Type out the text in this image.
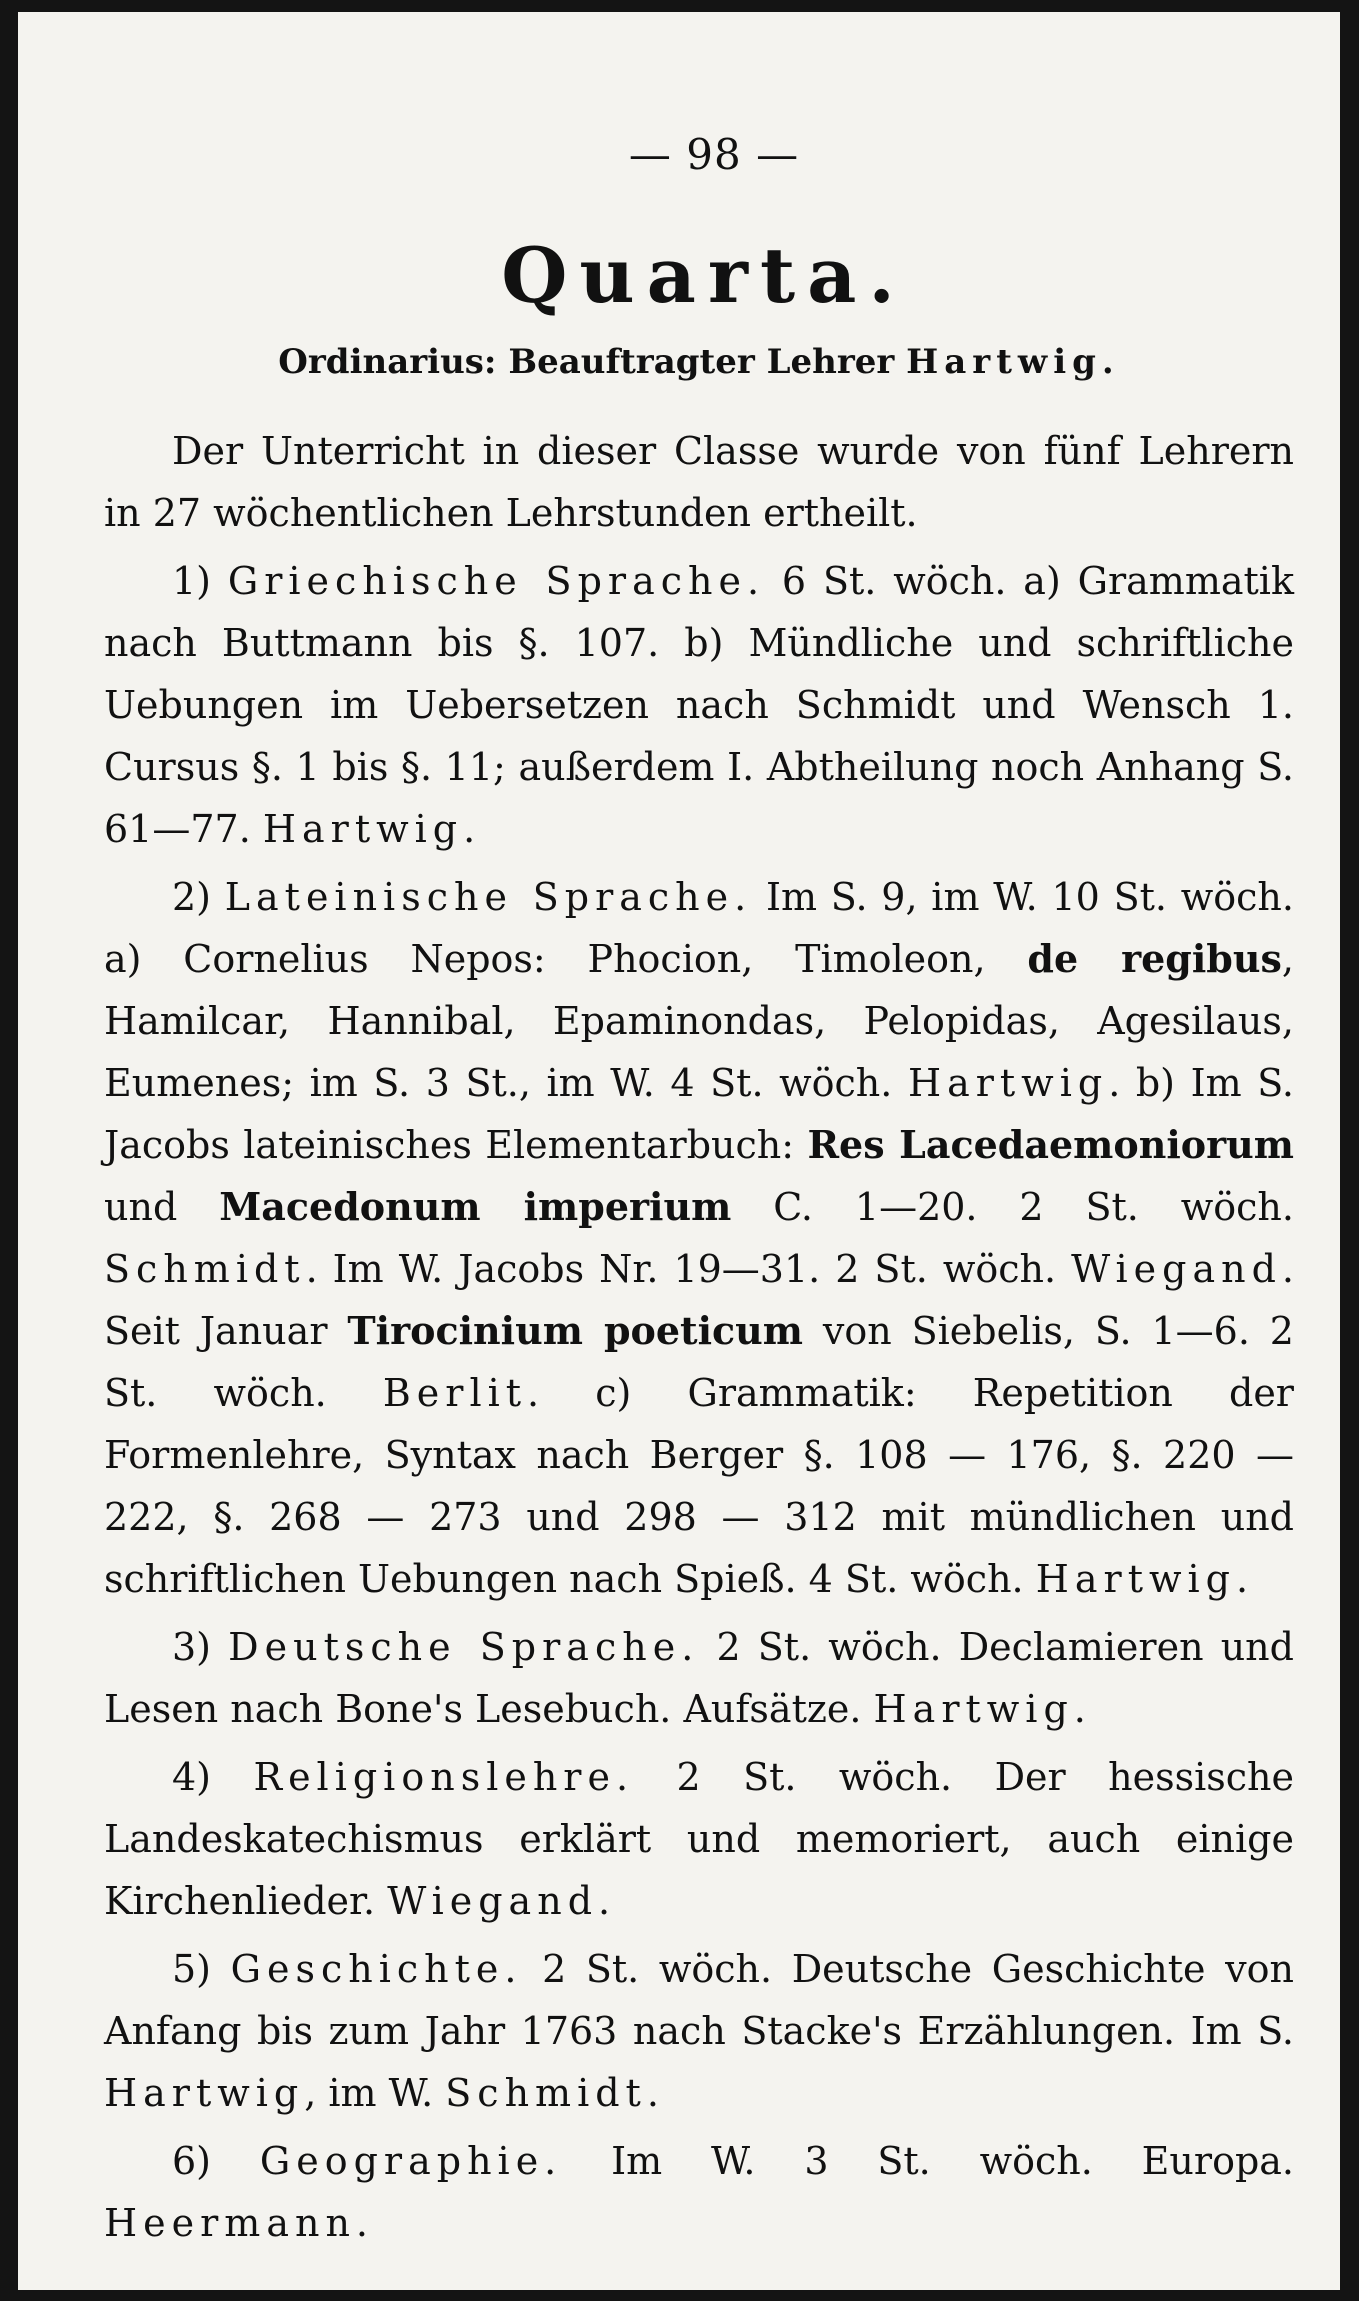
— 98 —
Quarta.
Ordinarius: Beauftragter Lehrer Hartwig.

Der Unterricht in dieser Classe wurde von fünf Lehrern in 27 wöchentlichen Lehrstunden ertheilt.

1) Griechische Sprache. 6 St. wöch. a) Grammatik nach Buttmann bis §. 107. b) Mündliche und schriftliche Uebungen im Uebersetzen nach Schmidt und Wensch 1. Cursus §. 1 bis §. 11; außerdem I. Abtheilung noch Anhang S. 61—77. Hartwig.

2) Lateinische Sprache. Im S. 9, im W. 10 St. wöch. a) Cornelius Nepos: Phocion, Timoleon, de regibus, Hamilcar, Hannibal, Epaminondas, Pelopidas, Agesilaus, Eumenes; im S. 3 St., im W. 4 St. wöch. Hartwig. b) Im S. Jacobs lateinisches Elementarbuch: Res Lacedaemoniorum und Macedonum imperium C. 1—20. 2 St. wöch. Schmidt. Im W. Jacobs Nr. 19—31. 2 St. wöch. Wiegand. Seit Januar Tirocinium poeticum von Siebelis, S. 1—6. 2 St. wöch. Berlit. c) Grammatik: Repetition der Formenlehre, Syntax nach Berger §. 108 — 176, §. 220 — 222, §. 268 — 273 und 298 — 312 mit mündlichen und schriftlichen Uebungen nach Spieß. 4 St. wöch. Hartwig.

3) Deutsche Sprache. 2 St. wöch. Declamieren und Lesen nach Bone's Lesebuch. Aufsätze. Hartwig.

4) Religionslehre. 2 St. wöch. Der hessische Landeskatechismus erklärt und memoriert, auch einige Kirchenlieder. Wiegand.

5) Geschichte. 2 St. wöch. Deutsche Geschichte von Anfang bis zum Jahr 1763 nach Stacke's Erzählungen. Im S. Hartwig, im W. Schmidt.

6) Geographie. Im W. 3 St. wöch. Europa. Heermann.
